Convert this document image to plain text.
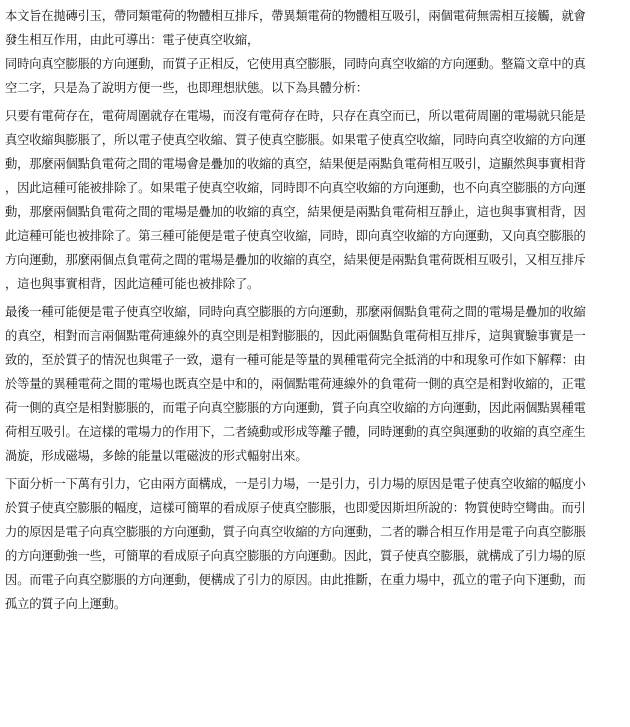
本文旨在拋磚引玉，帶同類電荷的物體相互排斥，帶異類電荷的物體相互吸引，兩個電荷無需相互接觸，就會
發生相互作用，由此可導出：電子使真空收縮，
同時向真空膨脹的方向運動，而質子正相反，它使用真空膨脹，同時向真空收縮的方向運動。整篇文章中的真
空二字，只是為了說明方便一些，也即理想狀態。以下為具體分析：
只要有電荷存在，電荷周圍就存在電場，而沒有電荷存在時，只存在真空而已，所以電荷周圍的電場就只能是
真空收縮與膨脹了，所以電子使真空收縮、質子使真空膨脹。如果電子使真空收縮，同時向真空收縮的方向運
動，那麼兩個點負電荷之間的電場會是疊加的收縮的真空，結果便是兩點負電荷相互吸引，這顯然與事實相背
，因此這種可能被排除了。如果電子使真空收縮，同時即不向真空收縮的方向運動，也不向真空膨脹的方向運
動，那麼兩個點負電荷之間的電場是疊加的收縮的真空，結果便是兩點負電荷相互靜止，這也與事實相背，因
此這種可能也被排除了。第三種可能便是電子使真空收縮，同時，即向真空收縮的方向運動，又向真空膨脹的
方向運動，那麼兩個点負電荷之間的電場是疊加的收縮的真空，結果便是兩點負電荷既相互吸引，又相互排斥
，這也與事實相背，因此這種可能也被排除了。
最後一種可能便是電子使真空收縮，同時向真空膨脹的方向運動，那麼兩個點負電荷之間的電場是疊加的收縮
的真空，相對而言兩個點電荷連線外的真空則是相對膨脹的，因此兩個點負電荷相互排斥，這與實驗事實是一
致的，至於質子的情況也與電子一致，還有一種可能是等量的異種電荷完全抵消的中和現象可作如下解釋：由
於等量的異種電荷之間的電場也既真空是中和的，兩個點電荷連線外的負電荷一側的真空是相對收縮的，正電
荷一側的真空是相對膨脹的，而電子向真空膨脹的方向運動，質子向真空收縮的方向運動，因此兩個點異種電
荷相互吸引。在這樣的電場力的作用下，二者繞動或形成等離子體，同時運動的真空與運動的收縮的真空產生
渦旋，形成磁場，多餘的能量以電磁波的形式輻射出來。
下面分析一下萬有引力，它由兩方面構成，一是引力場，一是引力，引力場的原因是電子使真空收縮的幅度小
於質子使真空膨脹的幅度，這樣可簡單的看成原子使真空膨脹，也即愛因斯坦所說的：物質使時空彎曲。而引
力的原因是電子向真空膨脹的方向運動，質子向真空收縮的方向運動，二者的聯合相互作用是電子向真空膨脹
的方向運動強一些，可簡單的看成原子向真空膨脹的方向運動。因此，質子使真空膨脹，就構成了引力場的原
因。而電子向真空膨脹的方向運動，便構成了引力的原因。由此推斷，在重力場中，孤立的電子向下運動，而
孤立的質子向上運動。
